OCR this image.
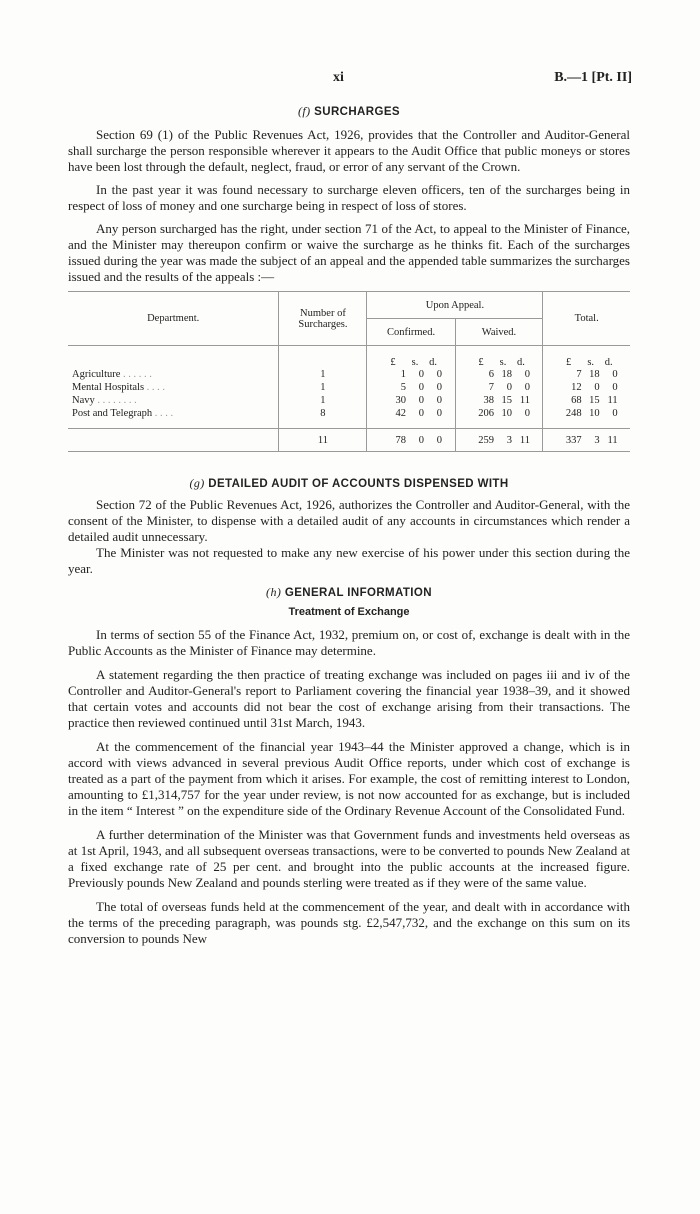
xi	B.—1 [Pt. II]
(f) SURCHARGES

Section 69 (1) of the Public Revenues Act, 1926, provides that the Controller and Auditor-General shall surcharge the person responsible wherever it appears to the Audit Office that public moneys or stores have been lost through the default, neglect, fraud, or error of any servant of the Crown.

In the past year it was found necessary to surcharge eleven officers, ten of the surcharges being in respect of loss of money and one surcharge being in respect of loss of stores.

Any person surcharged has the right, under section 71 of the Act, to appeal to the Minister of Finance, and the Minister may thereupon confirm or waive the surcharge as he thinks fit. Each of the surcharges issued during the year was made the subject of an appeal and the appended table summarizes the surcharges issued and the results of the appeals :—

Department.	Number of Surcharges.	Upon Appeal.		Total.
		Confirmed.	Waived.	
		£ s. d.	£ s. d.	£ s. d.
Agriculture . . . . . .	1	1 0 0	6 18 0	7 18 0
Mental Hospitals . . . .	1	5 0 0	7 0 0	12 0 0
Navy . . . . . . . .	1	30 0 0	38 15 11	68 15 11
Post and Telegraph . . . .	8	42 0 0	206 10 0	248 10 0

	11	78 0 0	259 3 11	337 3 11
(g) DETAILED AUDIT OF ACCOUNTS DISPENSED WITH

Section 72 of the Public Revenues Act, 1926, authorizes the Controller and Auditor-General, with the consent of the Minister, to dispense with a detailed audit of any accounts in circumstances which render a detailed audit unnecessary.

The Minister was not requested to make any new exercise of his power under this section during the year.

(h) GENERAL INFORMATION
Treatment of Exchange

In terms of section 55 of the Finance Act, 1932, premium on, or cost of, exchange is dealt with in the Public Accounts as the Minister of Finance may determine.

A statement regarding the then practice of treating exchange was included on pages iii and iv of the Controller and Auditor-General's report to Parliament covering the financial year 1938–39, and it showed that certain votes and accounts did not bear the cost of exchange arising from their transactions. The practice then reviewed continued until 31st March, 1943.

At the commencement of the financial year 1943–44 the Minister approved a change, which is in accord with views advanced in several previous Audit Office reports, under which cost of exchange is treated as a part of the payment from which it arises. For example, the cost of remitting interest to London, amounting to £1,314,757 for the year under review, is not now accounted for as exchange, but is included in the item “ Interest ” on the expenditure side of the Ordinary Revenue Account of the Consolidated Fund.

A further determination of the Minister was that Government funds and investments held overseas as at 1st April, 1943, and all subsequent overseas transactions, were to be converted to pounds New Zealand at a fixed exchange rate of 25 per cent. and brought into the public accounts at the increased figure. Previously pounds New Zealand and pounds sterling were treated as if they were of the same value.

The total of overseas funds held at the commencement of the year, and dealt with in accordance with the terms of the preceding paragraph, was pounds stg. £2,547,732, and the exchange on this sum on its conversion to pounds New
